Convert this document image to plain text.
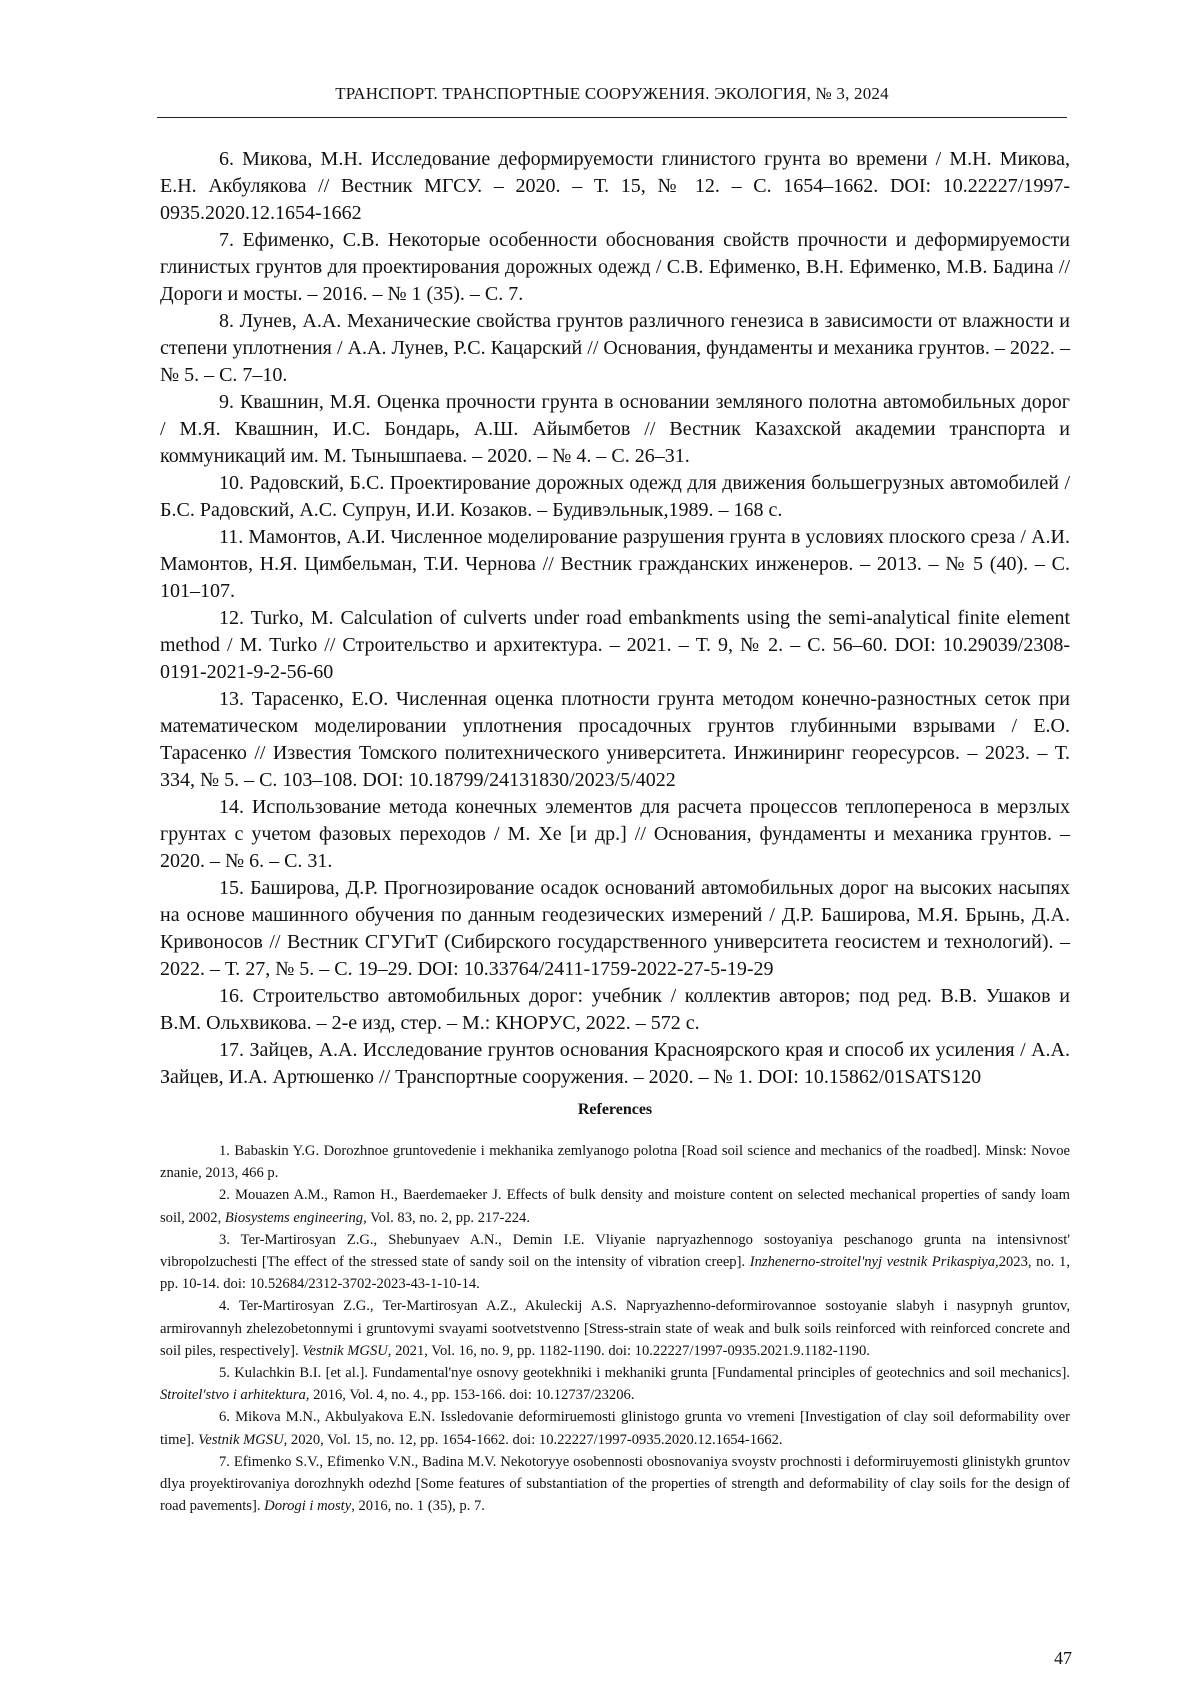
ТРАНСПОРТ. ТРАНСПОРТНЫЕ СООРУЖЕНИЯ. ЭКОЛОГИЯ, № 3, 2024

6. Микова, М.Н. Исследование деформируемости глинистого грунта во времени / М.Н. Микова, Е.Н. Акбулякова // Вестник МГСУ. – 2020. – Т. 15, № 12. – С. 1654–1662. DOI: 10.22227/1997-0935.2020.12.1654-1662

7. Ефименко, С.В. Некоторые особенности обоснования свойств прочности и деформируемости глинистых грунтов для проектирования дорожных одежд / С.В. Ефименко, В.Н. Ефименко, М.В. Бадина // Дороги и мосты. – 2016. – № 1 (35). – С. 7.

8. Лунев, А.А. Механические свойства грунтов различного генезиса в зависимости от влажности и степени уплотнения / А.А. Лунев, Р.С. Кацарский // Основания, фундаменты и механика грунтов. – 2022. – № 5. – С. 7–10.

9. Квашнин, М.Я. Оценка прочности грунта в основании земляного полотна автомобильных дорог / М.Я. Квашнин, И.С. Бондарь, А.Ш. Айымбетов // Вестник Казахской академии транспорта и коммуникаций им. М. Тынышпаева. – 2020. – № 4. – С. 26–31.

10. Радовский, Б.С. Проектирование дорожных одежд для движения большегрузных автомобилей / Б.С. Радовский, А.С. Супрун, И.И. Козаков. – Будивэльнык,1989. – 168 с.

11. Мамонтов, А.И. Численное моделирование разрушения грунта в условиях плоского среза / А.И. Мамонтов, Н.Я. Цимбельман, Т.И. Чернова // Вестник гражданских инженеров. – 2013. – № 5 (40). – С. 101–107.

12. Turko, M. Calculation of culverts under road embankments using the semi-analytical finite element method / M. Turko // Строительство и архитектура. – 2021. – Т. 9, № 2. – С. 56–60. DOI: 10.29039/2308-0191-2021-9-2-56-60

13. Тарасенко, Е.О. Численная оценка плотности грунта методом конечно-разностных сеток при математическом моделировании уплотнения просадочных грунтов глубинными взрывами / Е.О. Тарасенко // Известия Томского политехнического университета. Инжиниринг георесурсов. – 2023. – Т. 334, № 5. – С. 103–108. DOI: 10.18799/24131830/2023/5/4022

14. Использование метода конечных элементов для расчета процессов теплопереноса в мерзлых грунтах с учетом фазовых переходов / М. Хе [и др.] // Основания, фундаменты и механика грунтов. – 2020. – № 6. – С. 31.

15. Баширова, Д.Р. Прогнозирование осадок оснований автомобильных дорог на высоких насыпях на основе машинного обучения по данным геодезических измерений / Д.Р. Баширова, М.Я. Брынь, Д.А. Кривоносов // Вестник СГУГиТ (Сибирского государственного университета геосистем и технологий). – 2022. – Т. 27, № 5. – С. 19–29. DOI: 10.33764/2411-1759-2022-27-5-19-29

16. Строительство автомобильных дорог: учебник / коллектив авторов; под ред. В.В. Ушаков и В.М. Ольхвикова. – 2-е изд, стер. – М.: КНОРУС, 2022. – 572 с.

17. Зайцев, А.А. Исследование грунтов основания Красноярского края и способ их усиления / А.А. Зайцев, И.А. Артюшенко // Транспортные сооружения. – 2020. – № 1. DOI: 10.15862/01SATS120

References

1. Babaskin Y.G. Dorozhnoe gruntovedenie i mekhanika zemlyanogo polotna [Road soil science and mechanics of the roadbed]. Minsk: Novoe znanie, 2013, 466 p.

2. Mouazen A.M., Ramon H., Baerdemaeker J. Effects of bulk density and moisture content on selected mechanical properties of sandy loam soil, 2002, Biosystems engineering, Vol. 83, no. 2, pp. 217-224.

3. Ter-Martirosyan Z.G., Shebunyaev A.N., Demin I.E. Vliyanie napryazhennogo sostoyaniya peschanogo grunta na intensivnost' vibropolzuchesti [The effect of the stressed state of sandy soil on the intensity of vibration creep]. Inzhenerno-stroitel'nyj vestnik Prikaspiya,2023, no. 1, pp. 10-14. doi: 10.52684/2312-3702-2023-43-1-10-14.

4. Ter-Martirosyan Z.G., Ter-Martirosyan A.Z., Akuleckij A.S. Napryazhenno-deformirovannoe sostoyanie slabyh i nasypnyh gruntov, armirovannyh zhelezobetonnymi i gruntovymi svayami sootvetstvenno [Stress-strain state of weak and bulk soils reinforced with reinforced concrete and soil piles, respectively]. Vestnik MGSU, 2021, Vol. 16, no. 9, pp. 1182-1190. doi: 10.22227/1997-0935.2021.9.1182-1190.

5. Kulachkin B.I. [et al.]. Fundamental'nye osnovy geotekhniki i mekhaniki grunta [Fundamental principles of geotechnics and soil mechanics]. Stroitel'stvo i arhitektura, 2016, Vol. 4, no. 4., pp. 153-166. doi: 10.12737/23206.

6. Mikova M.N., Akbulyakova E.N. Issledovanie deformiruemosti glinistogo grunta vo vremeni [Investigation of clay soil deformability over time]. Vestnik MGSU, 2020, Vol. 15, no. 12, pp. 1654-1662. doi: 10.22227/1997-0935.2020.12.1654-1662.

7. Efimenko S.V., Efimenko V.N., Badina M.V. Nekotoryye osobennosti obosnovaniya svoystv prochnosti i deformiruyemosti glinistykh gruntov dlya proyektirovaniya dorozhnykh odezhd [Some features of substantiation of the properties of strength and deformability of clay soils for the design of road pavements]. Dorogi i mosty, 2016, no. 1 (35), p. 7.

47
